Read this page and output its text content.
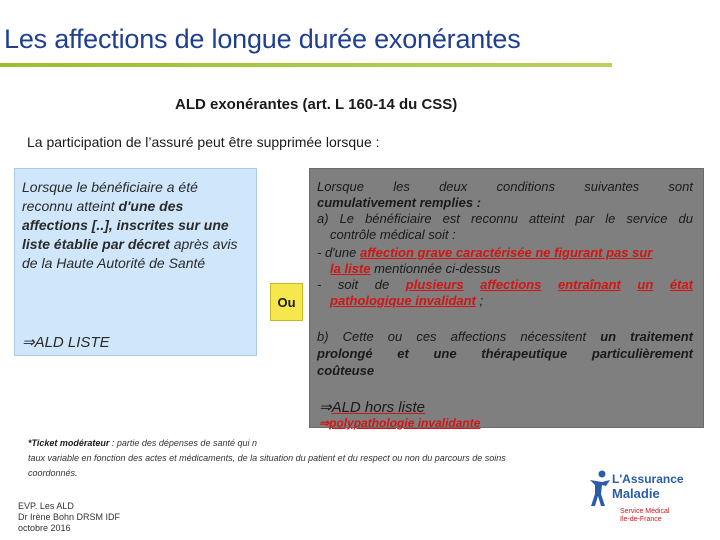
Les affections de longue durée exonérantes
ALD exonérantes (art. L 160-14 du CSS)
La participation de l’assuré peut être supprimée lorsque :
Lorsque le bénéficiaire a été reconnu atteint d'une des affections [..], inscrites sur une liste établie par décret après avis de la Haute Autorité de Santé
⇒ALD LISTE
Ou
Lorsque les deux conditions suivantes sont
cumulativement remplies :
a) Le bénéficiaire est reconnu atteint par le service du
contrôle médical soit :
- d'une affection grave caractérisée ne figurant pas sur
la liste mentionnée ci-dessus
- soit de plusieurs affections entraînant un état
pathologique invalidant ;
b) Cette ou ces affections nécessitent un traitement
prolongé et une thérapeutique particulièrement
coûteuse
⇒ALD hors liste
⇒polypathologie invalidante
*Ticket modérateur : partie des dépenses de santé qui n
taux variable en fonction des actes et médicaments, de la situation du patient et du respect ou non du parcours de soins
coordonnés.
EVP. Les ALD
Dr Irène Bohn DRSM IDF
octobre 2016
L'Assurance
Maladie
Service Médical
Ile-de-France
